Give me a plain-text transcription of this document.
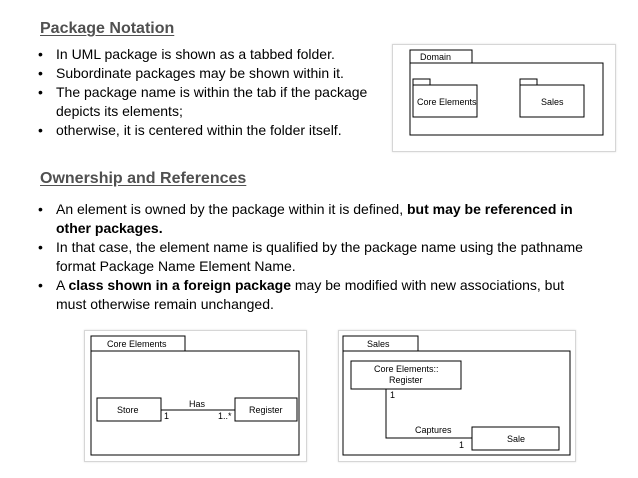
Package Notation
• In UML package is shown as a tabbed folder.
• Subordinate packages may be shown within it.
• The package name is within the tab if the package depicts its elements;
• otherwise, it is centered within the folder itself.
Domain
Core Elements	Sales
Ownership and References
• An element is owned by the package within it is defined, but may be referenced in other packages.
• In that case, the element name is qualified by the package name using the pathname format Package Name Element Name.
• A class shown in a foreign package may be modified with new associations, but must otherwise remain unchanged.
Core Elements
Store	Register
Has
1	1..*
Sales
Core Elements::
Register
Sale
1
Captures
1
